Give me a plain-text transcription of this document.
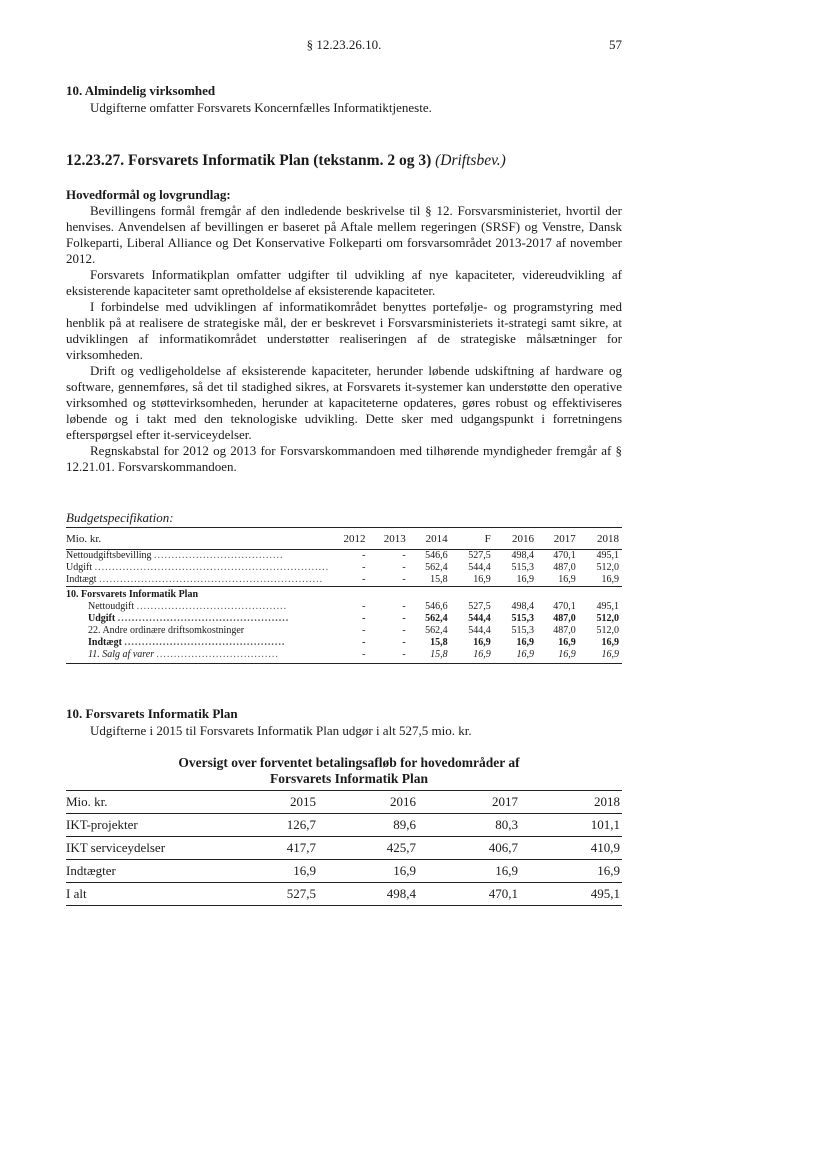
§ 12.23.26.10.	57
10. Almindelig virksomhed
Udgifterne omfatter Forsvarets Koncernfælles Informatiktjeneste.
12.23.27. Forsvarets Informatik Plan (tekstanm. 2 og 3) (Driftsbev.)
Hovedformål og lovgrundlag:

Bevillingens formål fremgår af den indledende beskrivelse til § 12. Forsvarsministeriet, hvortil der henvises. Anvendelsen af bevillingen er baseret på Aftale mellem regeringen (SRSF) og Venstre, Dansk Folkeparti, Liberal Alliance og Det Konservative Folkeparti om forsvarsområdet 2013-2017 af november 2012.

Forsvarets Informatikplan omfatter udgifter til udvikling af nye kapaciteter, videreudvikling af eksisterende kapaciteter samt opretholdelse af eksisterende kapaciteter.

I forbindelse med udviklingen af informatikområdet benyttes portefølje- og programstyring med henblik på at realisere de strategiske mål, der er beskrevet i Forsvarsministeriets it-strategi samt sikre, at udviklingen af informatikområdet understøtter realiseringen af de strategiske målsætninger for virksomheden.

Drift og vedligeholdelse af eksisterende kapaciteter, herunder løbende udskiftning af hardware og software, gennemføres, så det til stadighed sikres, at Forsvarets it-systemer kan understøtte den operative virksomhed og støttevirksomheden, herunder at kapaciteterne opdateres, gøres robust og effektiviseres løbende og i takt med den teknologiske udvikling. Dette sker med udgangspunkt i forretningens efterspørgsel efter it-serviceydelser.

Regnskabstal for 2012 og 2013 for Forsvarskommandoen med tilhørende myndigheder fremgår af § 12.21.01. Forsvarskommandoen.

Budgetspecifikation:
Mio. kr.	2012	2013	2014	F	2016	2017	2018
Nettoudgiftsbevilling .....................................	-	-	546,6	527,5	498,4	470,1	495,1
Udgift ...................................................................	-	-	562,4	544,4	515,3	487,0	512,0
Indtægt ................................................................	-	-	15,8	16,9	16,9	16,9	16,9
10. Forsvarets Informatik Plan							
Nettoudgift ...........................................	-	-	546,6	527,5	498,4	470,1	495,1
Udgift .................................................	-	-	562,4	544,4	515,3	487,0	512,0
22. Andre ordinære driftsomkostninger	-	-	562,4	544,4	515,3	487,0	512,0
Indtægt ..............................................	-	-	15,8	16,9	16,9	16,9	16,9
11. Salg af varer ...................................	-	-	15,8	16,9	16,9	16,9	16,9
10. Forsvarets Informatik Plan
Udgifterne i 2015 til Forsvarets Informatik Plan udgør i alt 527,5 mio. kr.
Oversigt over forventet betalingsafløb for hovedområder af
Forsvarets Informatik Plan
Mio. kr.	2015	2016	2017	2018
IKT-projekter	126,7	89,6	80,3	101,1
IKT serviceydelser	417,7	425,7	406,7	410,9
Indtægter	16,9	16,9	16,9	16,9
I alt	527,5	498,4	470,1	495,1
